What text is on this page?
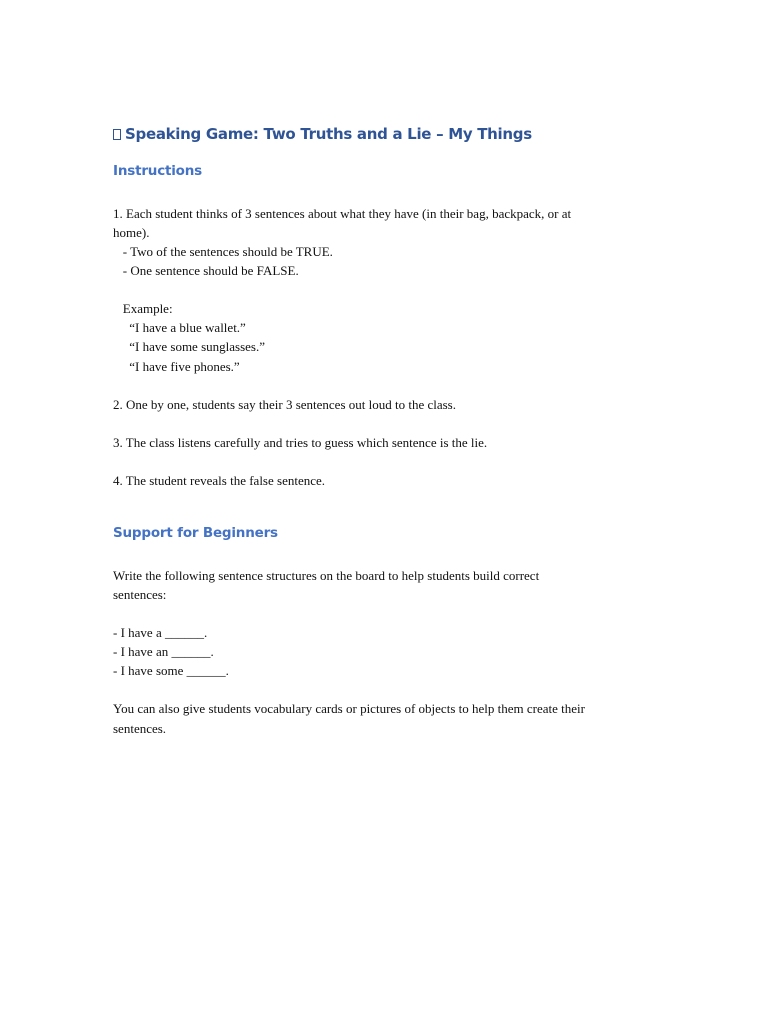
Speaking Game: Two Truths and a Lie – My Things
Instructions
1. Each student thinks of 3 sentences about what they have (in their bag, backpack, or at
home).
- Two of the sentences should be TRUE.
- One sentence should be FALSE.
Example:
“I have a blue wallet.”
“I have some sunglasses.”
“I have five phones.”
2. One by one, students say their 3 sentences out loud to the class.
3. The class listens carefully and tries to guess which sentence is the lie.
4. The student reveals the false sentence.
Support for Beginners
Write the following sentence structures on the board to help students build correct
sentences:
- I have a ______.
- I have an ______.
- I have some ______.
You can also give students vocabulary cards or pictures of objects to help them create their
sentences.
